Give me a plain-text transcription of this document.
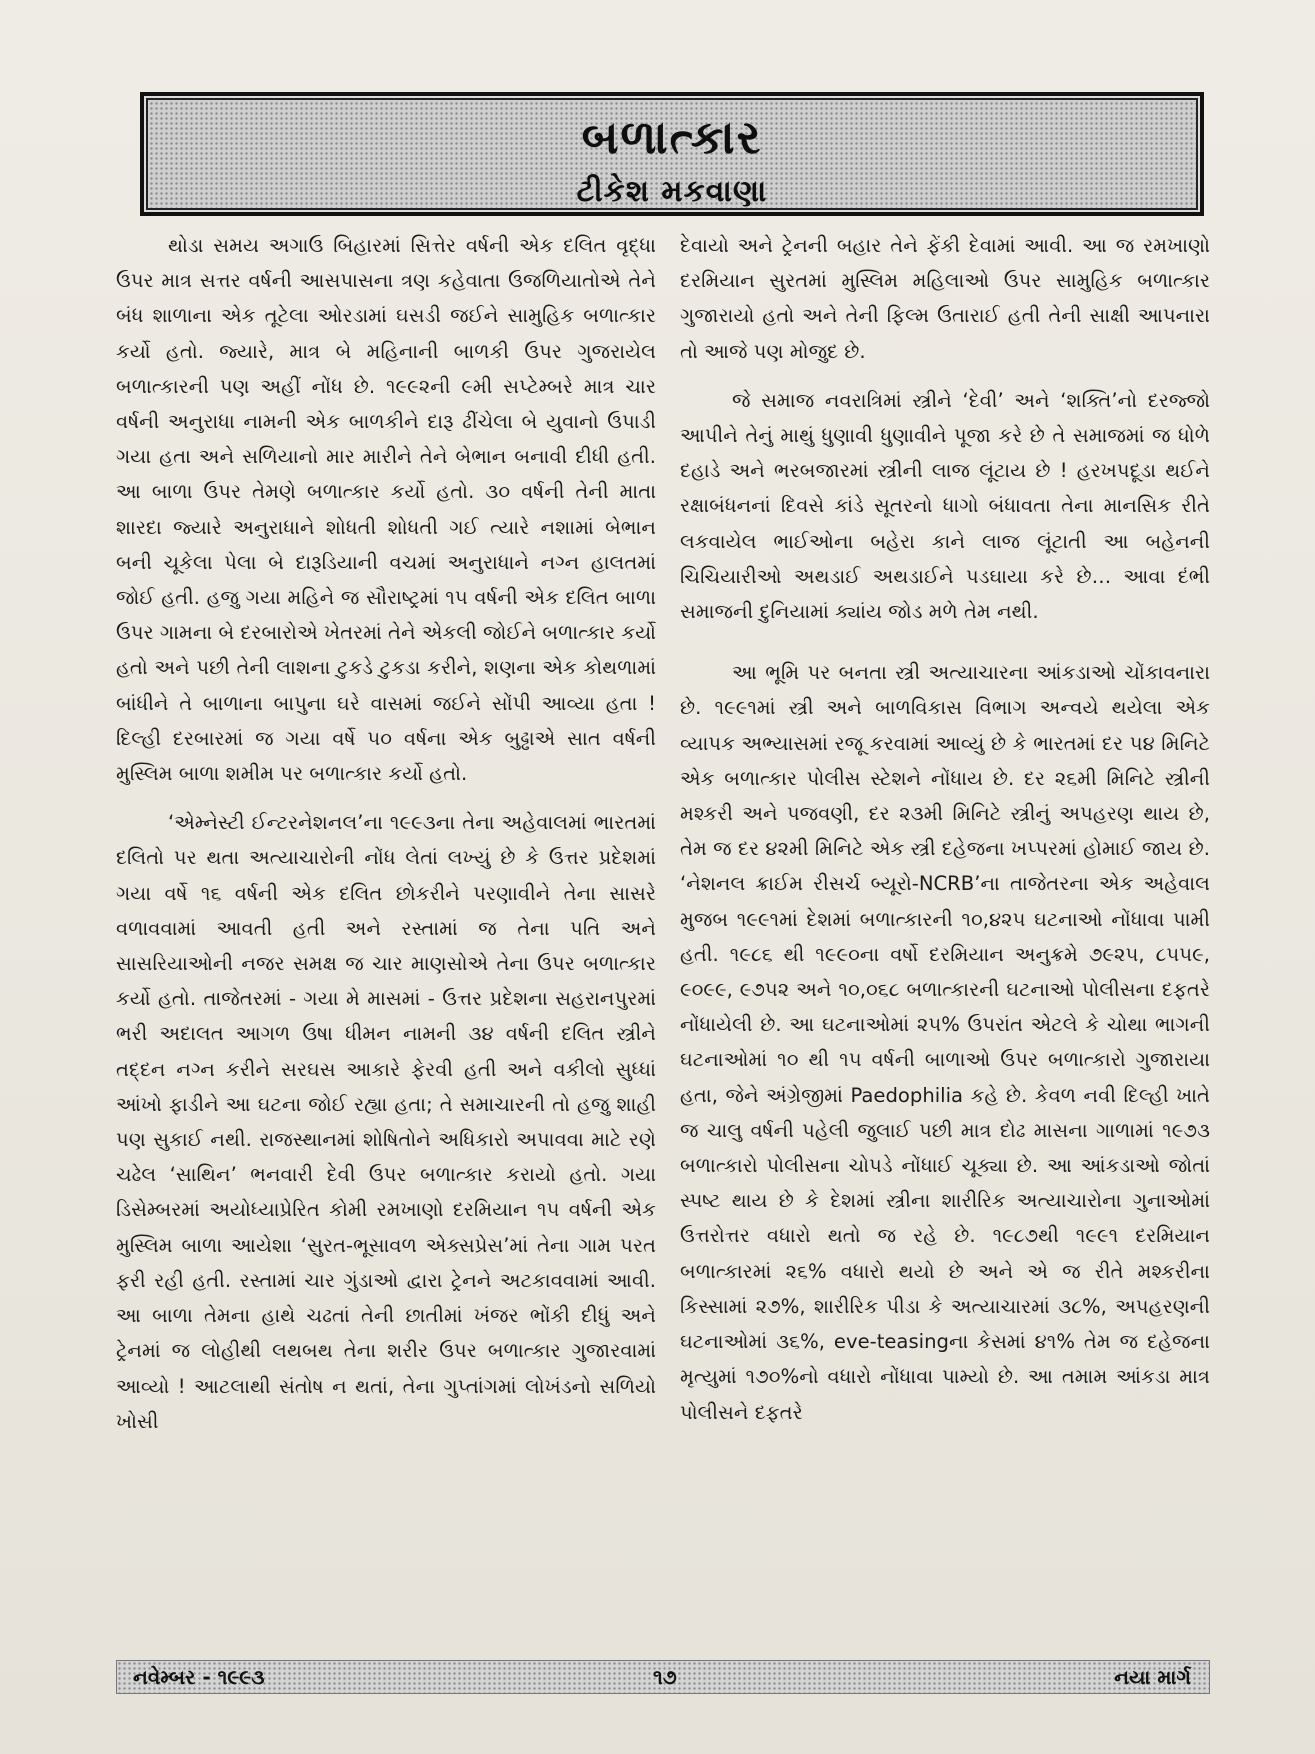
બળાત્કાર
ટીકેશ મકવાણા

થોડા સમય અગાઉ બિહારમાં સિત્તેર વર્ષની એક દલિત વૃદ્ધા ઉપર માત્ર સત્તર વર્ષની આસપાસના ત્રણ કહેવાતા ઉજળિયાતોએ તેને બંધ શાળાના એક તૂટેલા ઓરડામાં ઘસડી જઈને સામુહિક બળાત્કાર કર્યો હતો. જ્યારે, માત્ર બે મહિનાની બાળકી ઉપર ગુજરાયેલ બળાત્કારની પણ અહીં નોંધ છે. ૧૯૯૨ની ૯મી સપ્ટેમ્બરે માત્ર ચાર વર્ષની અનુરાધા નામની એક બાળકીને દારૂ ઢીંચેલા બે યુવાનો ઉપાડી ગયા હતા અને સળિયાનો માર મારીને તેને બેભાન બનાવી દીધી હતી. આ બાળા ઉપર તેમણે બળાત્કાર કર્યો હતો. ૩૦ વર્ષની તેની માતા શારદા જ્યારે અનુરાધાને શોધતી શોધતી ગઈ ત્યારે નશામાં બેભાન બની ચૂકેલા પેલા બે દારૂડિયાની વચમાં અનુરાધાને નગ્ન હાલતમાં જોઈ હતી. હજુ ગયા મહિને જ સૌરાષ્ટ્રમાં ૧૫ વર્ષની એક દલિત બાળા ઉપર ગામના બે દરબારોએ ખેતરમાં તેને એકલી જોઈને બળાત્કાર કર્યો હતો અને પછી તેની લાશના ટુકડે ટુકડા કરીને, શણના એક કોથળામાં બાંધીને તે બાળાના બાપુના ઘરે વાસમાં જઈને સોંપી આવ્યા હતા ! દિલ્હી દરબારમાં જ ગયા વર્ષે ૫૦ વર્ષના એક બુઢ્ઢાએ સાત વર્ષની મુસ્લિમ બાળા શમીમ પર બળાત્કાર કર્યો હતો.

‘એમ્નેસ્ટી ઈન્ટરનેશનલ’ના ૧૯૯૩ના તેના અહેવાલમાં ભારતમાં દલિતો પર થતા અત્યાચારોની નોંધ લેતાં લખ્યું છે કે ઉત્તર પ્રદેશમાં ગયા વર્ષે ૧૬ વર્ષની એક દલિત છોકરીને પરણાવીને તેના સાસરે વળાવવામાં આવતી હતી અને રસ્તામાં જ તેના પતિ અને સાસરિયાઓની નજર સમક્ષ જ ચાર માણસોએ તેના ઉપર બળાત્કાર કર્યો હતો. તાજેતરમાં - ગયા મે માસમાં - ઉત્તર પ્રદેશના સહરાનપુરમાં ભરી અદાલત આગળ ઉષા ધીમન નામની ૩૪ વર્ષની દલિત સ્ત્રીને તદ્દન નગ્ન કરીને સરઘસ આકારે ફેરવી હતી અને વકીલો સુધ્ધાં આંખો ફાડીને આ ઘટના જોઈ રહ્યા હતા; તે સમાચારની તો હજુ શાહી પણ સુકાઈ નથી. રાજસ્થાનમાં શોષિતોને અધિકારો અપાવવા માટે રણે ચઢેલ ‘સાથિન’ ભનવારી દેવી ઉપર બળાત્કાર કરાયો હતો. ગયા ડિસેમ્બરમાં અયોધ્યાપ્રેરિત કોમી રમખાણો દરમિયાન ૧૫ વર્ષની એક મુસ્લિમ બાળા આયેશા ‘સુરત-ભૂસાવળ એક્સપ્રેસ’માં તેના ગામ પરત ફરી રહી હતી. રસ્તામાં ચાર ગુંડાઓ દ્વારા ટ્રેનને અટકાવવામાં આવી. આ બાળા તેમના હાથે ચઢતાં તેની છાતીમાં ખંજર ભોંકી દીધું અને ટ્રેનમાં જ લોહીથી લથબથ તેના શરીર ઉપર બળાત્કાર ગુજારવામાં આવ્યો ! આટલાથી સંતોષ ન થતાં, તેના ગુપ્તાંગમાં લોખંડનો સળિયો ખોસી

દેવાયો અને ટ્રેનની બહાર તેને ફેંકી દેવામાં આવી. આ જ રમખાણો દરમિયાન સુરતમાં મુસ્લિમ મહિલાઓ ઉપર સામુહિક બળાત્કાર ગુજારાયો હતો અને તેની ફિલ્મ ઉતારાઈ હતી તેની સાક્ષી આપનારા તો આજે પણ મોજુદ છે.

જે સમાજ નવરાત્રિમાં સ્ત્રીને ‘દેવી’ અને ‘શક્તિ’નો દરજ્જો આપીને તેનું માથું ધુણાવી ધુણાવીને પૂજા કરે છે તે સમાજમાં જ ધોળે દહાડે અને ભરબજારમાં સ્ત્રીની લાજ લૂંટાય છે ! હરખપદૂડા થઈને રક્ષાબંધનનાં દિવસે કાંડે સૂતરનો ધાગો બંધાવતા તેના માનસિક રીતે લકવાયેલ ભાઈઓના બહેરા કાને લાજ લૂંટાતી આ બહેનની ચિચિયારીઓ અથડાઈ અથડાઈને પડઘાયા કરે છે… આવા દંભી સમાજની દુનિયામાં ક્યાંય જોડ મળે તેમ નથી.

આ ભૂમિ પર બનતા સ્ત્રી અત્યાચારના આંકડાઓ ચોંકાવનારા છે. ૧૯૯૧માં સ્ત્રી અને બાળવિકાસ વિભાગ અન્વયે થયેલા એક વ્યાપક અભ્યાસમાં રજૂ કરવામાં આવ્યું છે કે ભારતમાં દર ૫૪ મિનિટે એક બળાત્કાર પોલીસ સ્ટેશને નોંધાય છે. દર ૨૬મી મિનિટે સ્ત્રીની મશ્કરી અને પજવણી, દર ૨૩મી મિનિટે સ્ત્રીનું અપહરણ થાય છે, તેમ જ દર ૪૨મી મિનિટે એક સ્ત્રી દહેજના ખપ્પરમાં હોમાઈ જાય છે. ‘નેશનલ ક્રાઈમ રીસર્ચ બ્યૂરો-NCRB’ના તાજેતરના એક અહેવાલ મુજબ ૧૯૯૧માં દેશમાં બળાત્કારની ૧૦,૪૨૫ ઘટનાઓ નોંધાવા પામી હતી. ૧૯૮૬ થી ૧૯૯૦ના વર્ષો દરમિયાન અનુક્રમે ૭૯૨૫, ૮૫૫૯, ૯૦૯૯, ૯૭૫૨ અને ૧૦,૦૬૮ બળાત્કારની ઘટનાઓ પોલીસના દફતરે નોંધાયેલી છે. આ ઘટનાઓમાં ૨૫% ઉપરાંત એટલે કે ચોથા ભાગની ઘટનાઓમાં ૧૦ થી ૧૫ વર્ષની બાળાઓ ઉપર બળાત્કારો ગુજારાયા હતા, જેને અંગ્રેજીમાં Paedophilia કહે છે. કેવળ નવી દિલ્હી ખાતે જ ચાલુ વર્ષની પહેલી જુલાઈ પછી માત્ર દોઢ માસના ગાળામાં ૧૯૭૩ બળાત્કારો પોલીસના ચોપડે નોંધાઈ ચૂક્યા છે. આ આંકડાઓ જોતાં સ્પષ્ટ થાય છે કે દેશમાં સ્ત્રીના શારીરિક અત્યાચારોના ગુનાઓમાં ઉત્તરોત્તર વધારો થતો જ રહે છે. ૧૯૮૭થી ૧૯૯૧ દરમિયાન બળાત્કારમાં ૨૬% વધારો થયો છે અને એ જ રીતે મશ્કરીના કિસ્સામાં ૨૭%, શારીરિક પીડા કે અત્યાચારમાં ૩૮%, અપહરણની ઘટનાઓમાં ૩૬%, eve-teasingના કેસમાં ૪૧% તેમ જ દહેજના મૃત્યુમાં ૧૭૦%નો વધારો નોંધાવા પામ્યો છે. આ તમામ આંકડા માત્ર પોલીસને દફતરે

નવેમ્બર - ૧૯૯૩	૧૭	નયા માર્ગ
